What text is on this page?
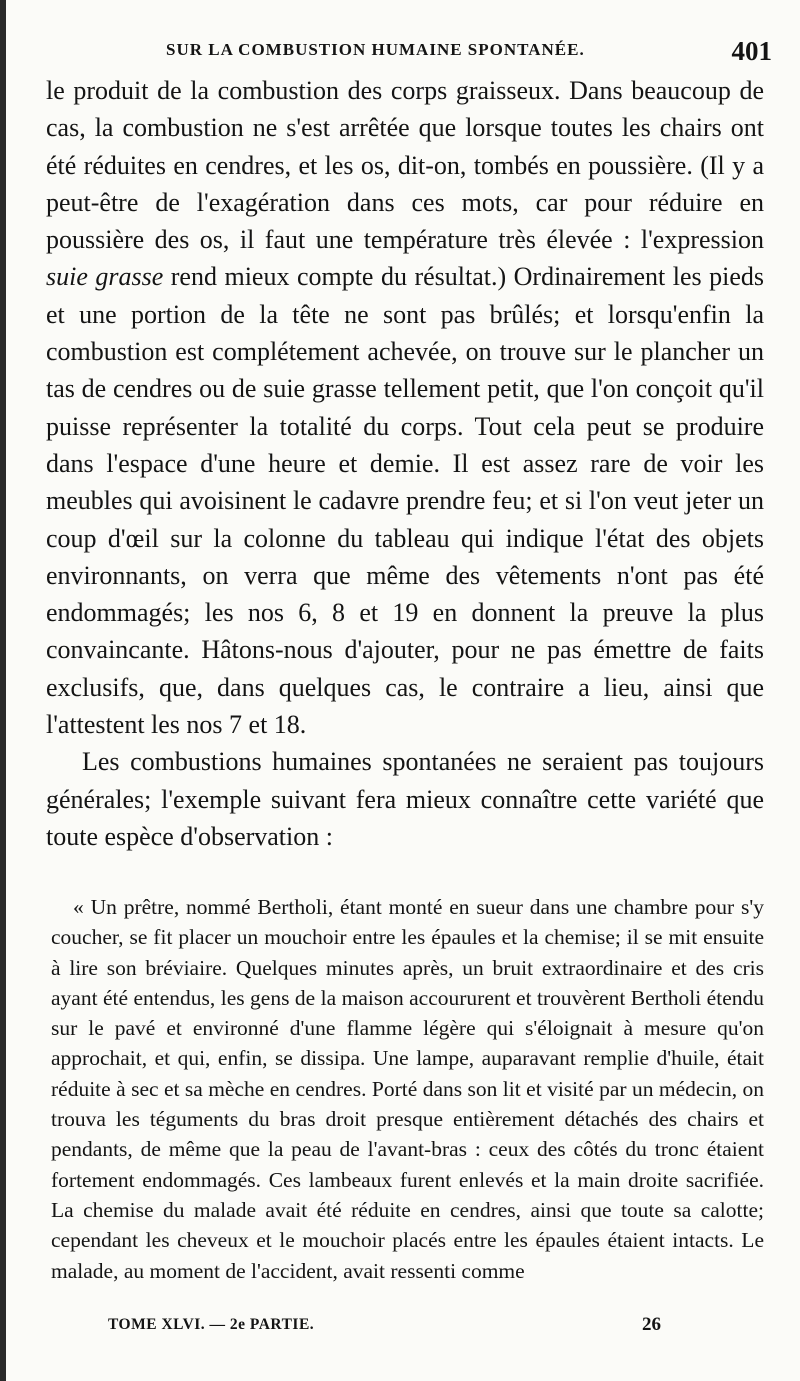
SUR LA COMBUSTION HUMAINE SPONTANÉE.	401

le produit de la combustion des corps graisseux. Dans beaucoup de cas, la combustion ne s'est arrêtée que lorsque toutes les chairs ont été réduites en cendres, et les os, dit-on, tombés en poussière. (Il y a peut-être de l'exagération dans ces mots, car pour réduire en poussière des os, il faut une température très élevée : l'expression suie grasse rend mieux compte du résultat.) Ordinairement les pieds et une portion de la tête ne sont pas brûlés; et lorsqu'enfin la combustion est complétement achevée, on trouve sur le plancher un tas de cendres ou de suie grasse tellement petit, que l'on conçoit qu'il puisse représenter la totalité du corps. Tout cela peut se produire dans l'espace d'une heure et demie. Il est assez rare de voir les meubles qui avoisinent le cadavre prendre feu; et si l'on veut jeter un coup d'œil sur la colonne du tableau qui indique l'état des objets environnants, on verra que même des vêtements n'ont pas été endommagés; les nos 6, 8 et 19 en donnent la preuve la plus convaincante. Hâtons-nous d'ajouter, pour ne pas émettre de faits exclusifs, que, dans quelques cas, le contraire a lieu, ainsi que l'attestent les nos 7 et 18.

Les combustions humaines spontanées ne seraient pas toujours générales; l'exemple suivant fera mieux connaître cette variété que toute espèce d'observation :

« Un prêtre, nommé Bertholi, étant monté en sueur dans une chambre pour s'y coucher, se fit placer un mouchoir entre les épaules et la chemise; il se mit ensuite à lire son bréviaire. Quelques minutes après, un bruit extraordinaire et des cris ayant été entendus, les gens de la maison accoururent et trouvèrent Bertholi étendu sur le pavé et environné d'une flamme légère qui s'éloignait à mesure qu'on approchait, et qui, enfin, se dissipa. Une lampe, auparavant remplie d'huile, était réduite à sec et sa mèche en cendres. Porté dans son lit et visité par un médecin, on trouva les téguments du bras droit presque entièrement détachés des chairs et pendants, de même que la peau de l'avant-bras : ceux des côtés du tronc étaient fortement endommagés. Ces lambeaux furent enlevés et la main droite sacrifiée. La chemise du malade avait été réduite en cendres, ainsi que toute sa calotte; cependant les cheveux et le mouchoir placés entre les épaules étaient intacts. Le malade, au moment de l'accident, avait ressenti comme
TOME XLVI. — 2e PARTIE.	26
